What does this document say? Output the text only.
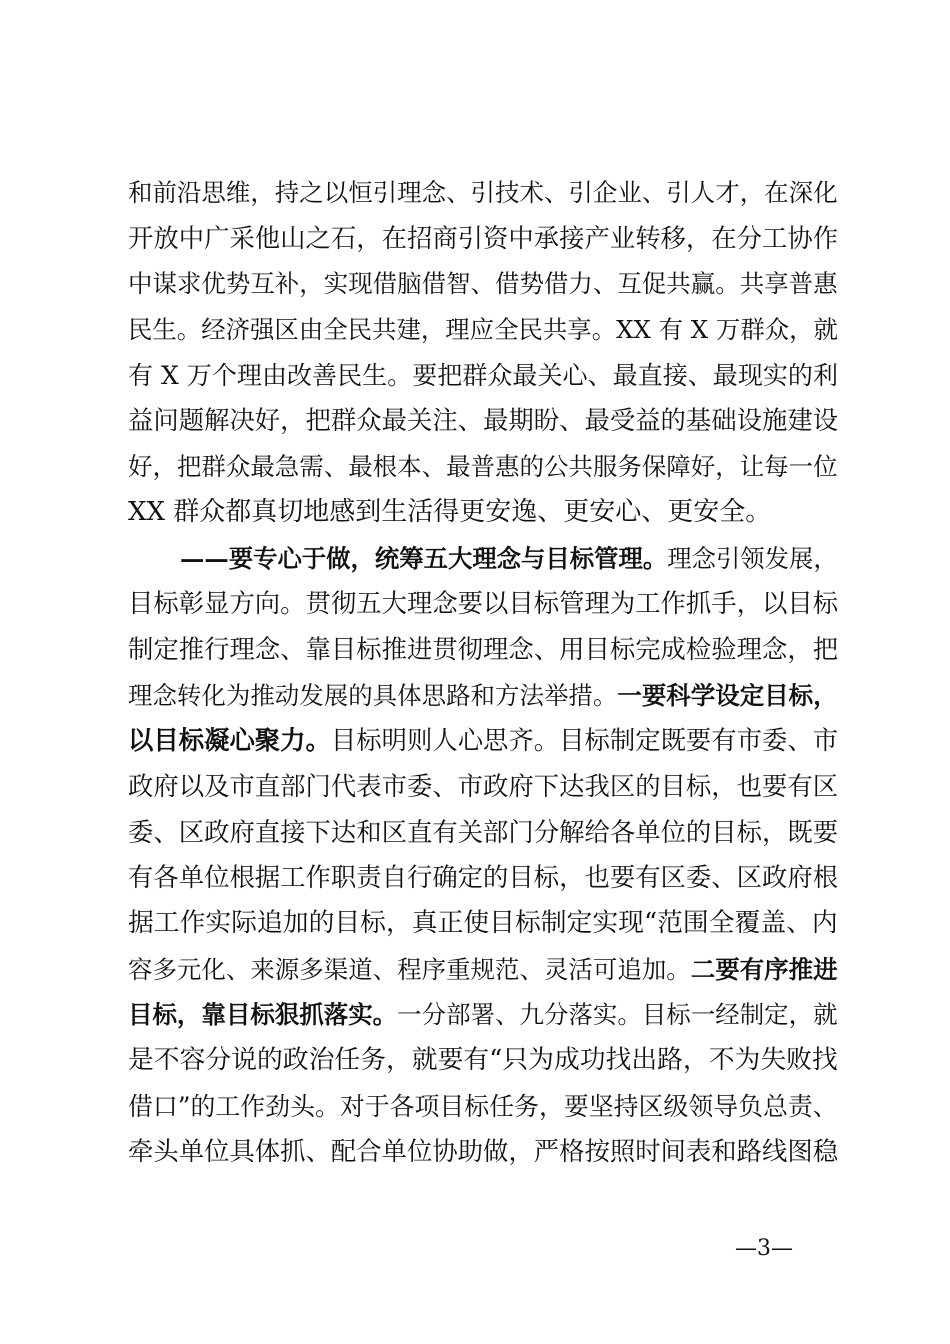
和前沿思维，持之以恒引理念、引技术、引企业、引人才，在深化
开放中广采他山之石，在招商引资中承接产业转移，在分工协作
中谋求优势互补，实现借脑借智、借势借力、互促共赢。共享普惠
民生。经济强区由全民共建，理应全民共享。XX 有 X 万群众，就
有 X 万个理由改善民生。要把群众最关心、最直接、最现实的利
益问题解决好，把群众最关注、最期盼、最受益的基础设施建设
好，把群众最急需、最根本、最普惠的公共服务保障好，让每一位
XX 群众都真切地感到生活得更安逸、更安心、更安全。
——要专心于做，统筹五大理念与目标管理。理念引领发展，
目标彰显方向。贯彻五大理念要以目标管理为工作抓手，以目标
制定推行理念、靠目标推进贯彻理念、用目标完成检验理念，把
理念转化为推动发展的具体思路和方法举措。一要科学设定目标，
以目标凝心聚力。目标明则人心思齐。目标制定既要有市委、市
政府以及市直部门代表市委、市政府下达我区的目标，也要有区
委、区政府直接下达和区直有关部门分解给各单位的目标，既要
有各单位根据工作职责自行确定的目标，也要有区委、区政府根
据工作实际追加的目标，真正使目标制定实现“范围全覆盖、内
容多元化、来源多渠道、程序重规范、灵活可追加。二要有序推进
目标，靠目标狠抓落实。一分部署、九分落实。目标一经制定，就
是不容分说的政治任务，就要有“只为成功找出路，不为失败找
借口”的工作劲头。对于各项目标任务，要坚持区级领导负总责、
牵头单位具体抓、配合单位协助做，严格按照时间表和路线图稳
—3—
